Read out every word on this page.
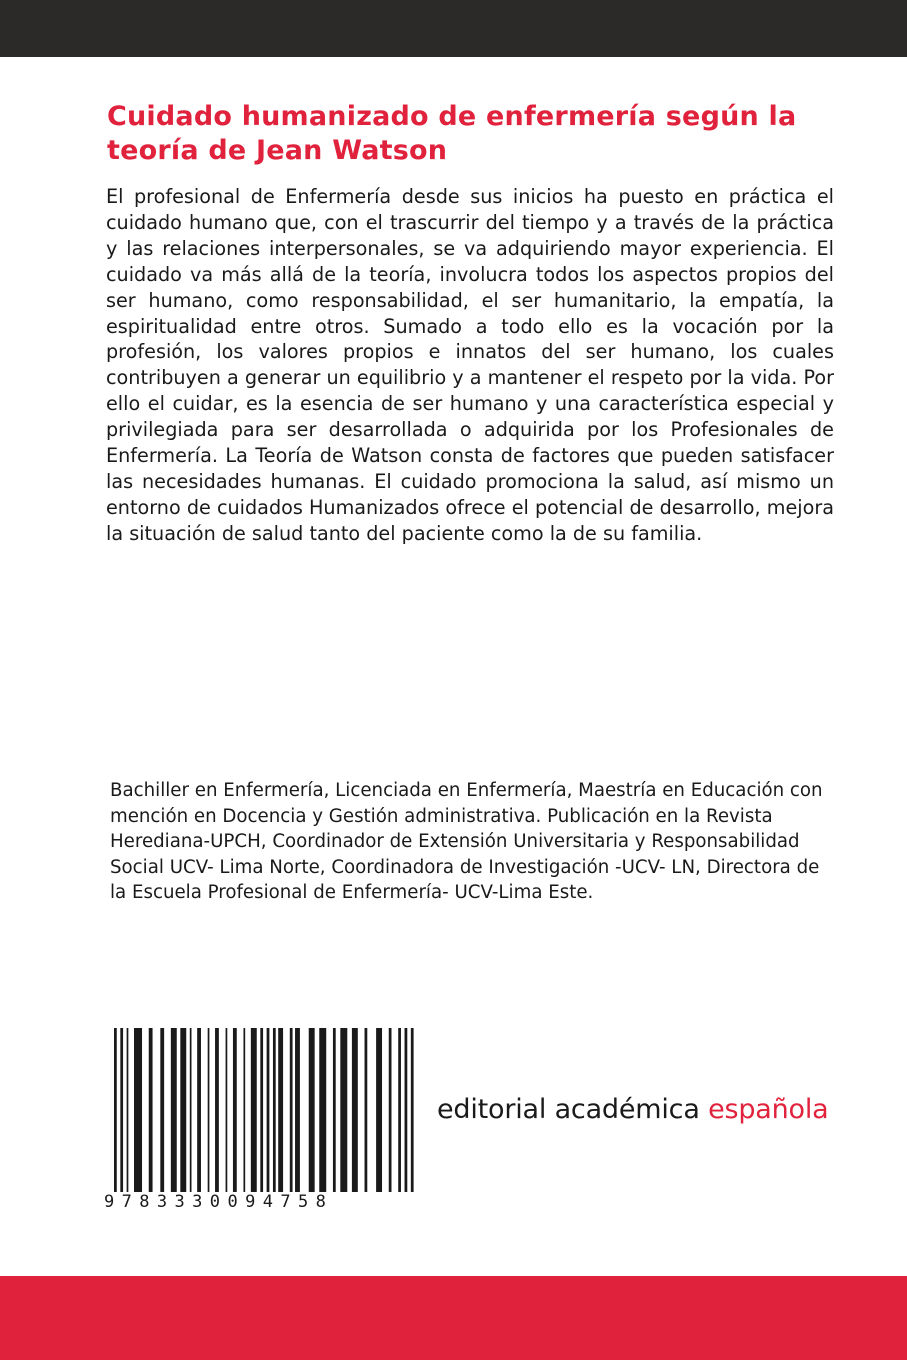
Cuidado humanizado de enfermería según la teoría de Jean Watson

El profesional de Enfermería desde sus inicios ha puesto en práctica el cuidado humano que, con el trascurrir del tiempo y a través de la práctica y las relaciones interpersonales, se va adquiriendo mayor experiencia. El cuidado va más allá de la teoría, involucra todos los aspectos propios del ser humano, como responsabilidad, el ser humanitario, la empatía, la espiritualidad entre otros. Sumado a todo ello es la vocación por la profesión, los valores propios e innatos del ser humano, los cuales contribuyen a generar un equilibrio y a mantener el respeto por la vida. Por ello el cuidar, es la esencia de ser humano y una característica especial y privilegiada para ser desarrollada o adquirida por los Profesionales de Enfermería. La Teoría de Watson consta de factores que pueden satisfacer las necesidades humanas. El cuidado promociona la salud, así mismo un entorno de cuidados Humanizados ofrece el potencial de desarrollo, mejora la situación de salud tanto del paciente como la de su familia.

Bachiller en Enfermería, Licenciada en Enfermería, Maestría en Educación con mención en Docencia y Gestión administrativa. Publicación en la Revista Herediana-UPCH, Coordinador de Extensión Universitaria y Responsabilidad Social UCV- Lima Norte, Coordinadora de Investigación -UCV- LN, Directora de la Escuela Profesional de Enfermería- UCV-Lima Este.

9783330094758
editorial académica española
